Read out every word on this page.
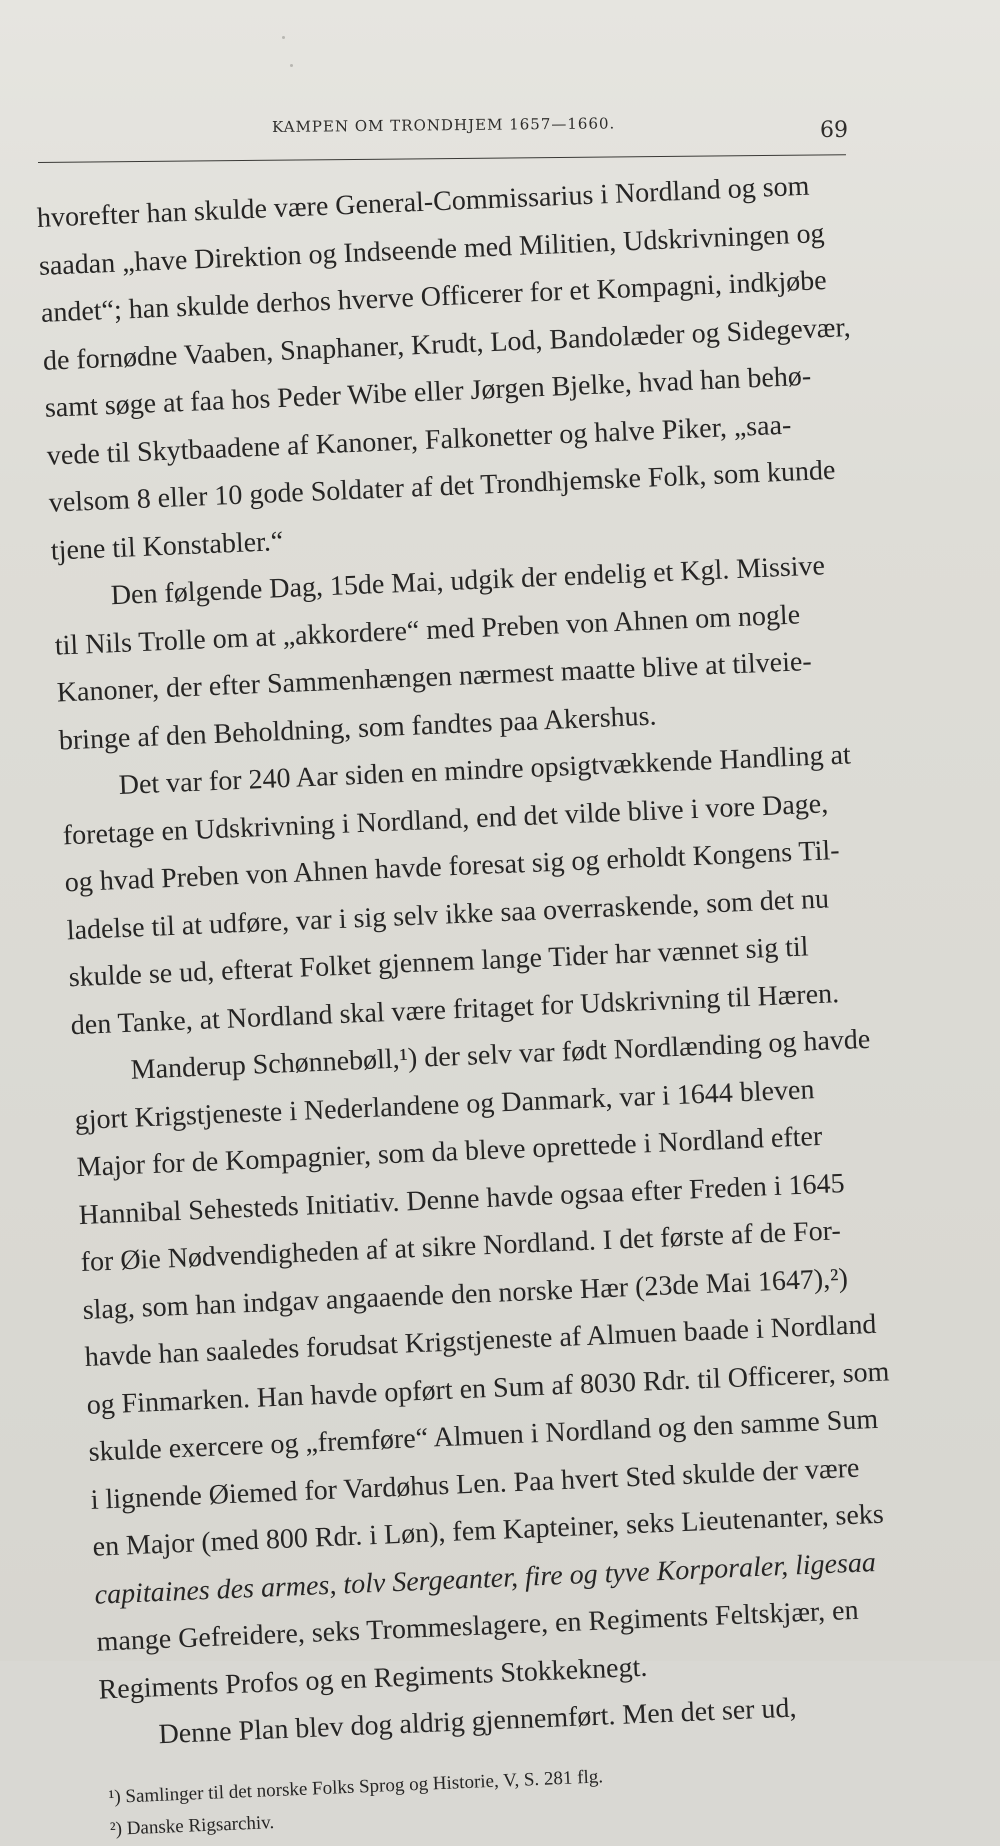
KAMPEN OM TRONDHJEM 1657—1660.	69
hvorefter han skulde være General-Commissarius i Nordland og som
saadan „have Direktion og Indseende med Militien, Udskrivningen og
andet“; han skulde derhos hverve Officerer for et Kompagni, indkjøbe
de fornødne Vaaben, Snaphaner, Krudt, Lod, Bandolæder og Sidegevær,
samt søge at faa hos Peder Wibe eller Jørgen Bjelke, hvad han behø-
vede til Skytbaadene af Kanoner, Falkonetter og halve Piker, „saa-
velsom 8 eller 10 gode Soldater af det Trondhjemske Folk, som kunde
tjene til Konstabler.“
Den følgende Dag, 15de Mai, udgik der endelig et Kgl. Missive
til Nils Trolle om at „akkordere“ med Preben von Ahnen om nogle
Kanoner, der efter Sammenhængen nærmest maatte blive at tilveie-
bringe af den Beholdning, som fandtes paa Akershus.
Det var for 240 Aar siden en mindre opsigtvækkende Handling at
foretage en Udskrivning i Nordland, end det vilde blive i vore Dage,
og hvad Preben von Ahnen havde foresat sig og erholdt Kongens Til-
ladelse til at udføre, var i sig selv ikke saa overraskende, som det nu
skulde se ud, efterat Folket gjennem lange Tider har vænnet sig til
den Tanke, at Nordland skal være fritaget for Udskrivning til Hæren.
Manderup Schønnebøll,¹) der selv var født Nordlænding og havde
gjort Krigstjeneste i Nederlandene og Danmark, var i 1644 bleven
Major for de Kompagnier, som da bleve oprettede i Nordland efter
Hannibal Sehesteds Initiativ. Denne havde ogsaa efter Freden i 1645
for Øie Nødvendigheden af at sikre Nordland. I det første af de For-
slag, som han indgav angaaende den norske Hær (23de Mai 1647),²)
havde han saaledes forudsat Krigstjeneste af Almuen baade i Nordland
og Finmarken. Han havde opført en Sum af 8030 Rdr. til Officerer, som
skulde exercere og „fremføre“ Almuen i Nordland og den samme Sum
i lignende Øiemed for Vardøhus Len. Paa hvert Sted skulde der være
en Major (med 800 Rdr. i Løn), fem Kapteiner, seks Lieutenanter, seks
capitaines des armes, tolv Sergeanter, fire og tyve Korporaler, ligesaa
mange Gefreidere, seks Trommeslagere, en Regiments Feltskjær, en
Regiments Profos og en Regiments Stokkeknegt.
Denne Plan blev dog aldrig gjennemført. Men det ser ud,
¹) Samlinger til det norske Folks Sprog og Historie, V, S. 281 flg.
²) Danske Rigsarchiv.
